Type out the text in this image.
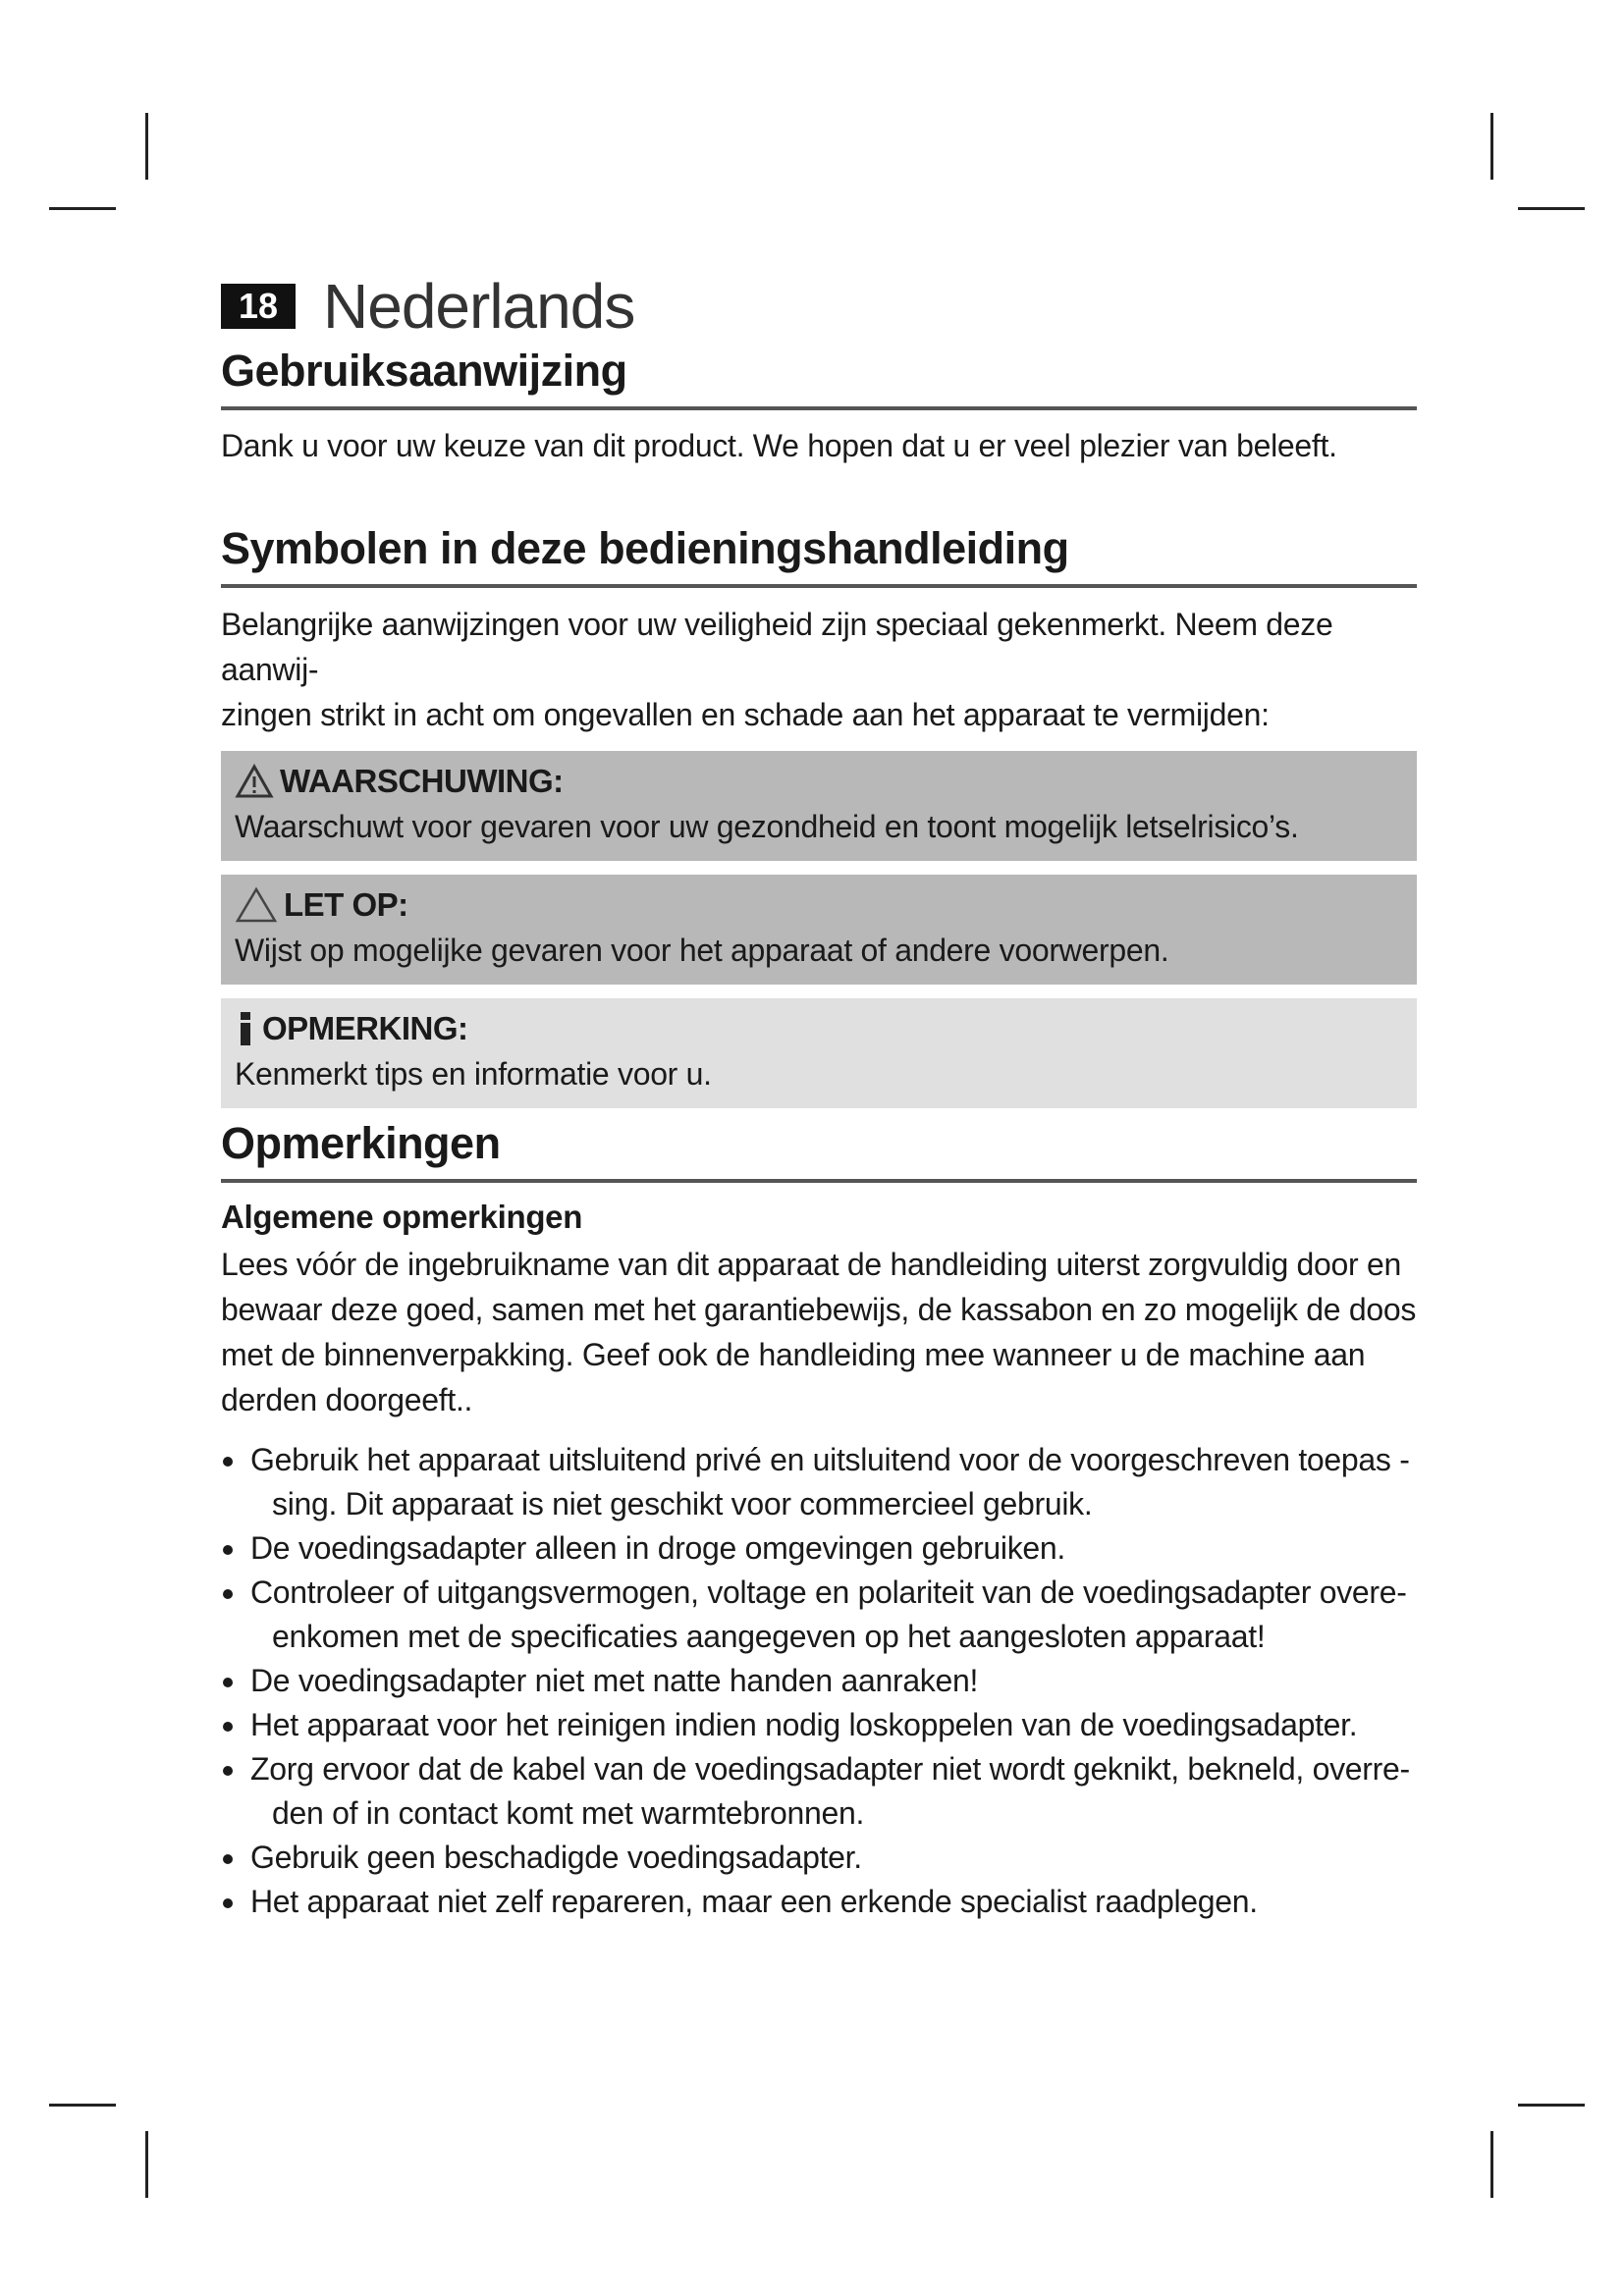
18 Nederlands
Gebruiksaanwijzing

Dank u voor uw keuze van dit product. We hopen dat u er veel plezier van beleeft.

Symbolen in deze bedieningshandleiding

Belangrijke aanwijzingen voor uw veiligheid zijn speciaal gekenmerkt. Neem deze aanwij-
zingen strikt in acht om ongevallen en schade aan het apparaat te vermijden:

WAARSCHUWING:
Waarschuwt voor gevaren voor uw gezondheid en toont mogelijk letselrisico’s.
LET OP:
Wijst op mogelijke gevaren voor het apparaat of andere voorwerpen.
OPMERKING:
Kenmerkt tips en informatie voor u.
Opmerkingen
Algemene opmerkingen

Lees vóór de ingebruikname van dit apparaat de handleiding uiterst zorgvuldig door en bewaar deze goed, samen met het garantiebewijs, de kassabon en zo mogelijk de doos met de binnenverpakking. Geef ook de handleiding mee wanneer u de machine aan derden doorgeeft..

Gebruik het apparaat uitsluitend privé en uitsluitend voor de voorgeschreven toepas -
sing. Dit apparaat is niet geschikt voor commercieel gebruik.
De voedingsadapter alleen in droge omgevingen gebruiken.
Controleer of uitgangsvermogen, voltage en polariteit van de voedingsadapter overe-
enkomen met de specificaties aangegeven op het aangesloten apparaat!
De voedingsadapter niet met natte handen aanraken!
Het apparaat voor het reinigen indien nodig loskoppelen van de voedingsadapter.
Zorg ervoor dat de kabel van de voedingsadapter niet wordt geknikt, bekneld, overre-
den of in contact komt met warmtebronnen.
Gebruik geen beschadigde voedingsadapter.
Het apparaat niet zelf repareren, maar een erkende specialist raadplegen.
